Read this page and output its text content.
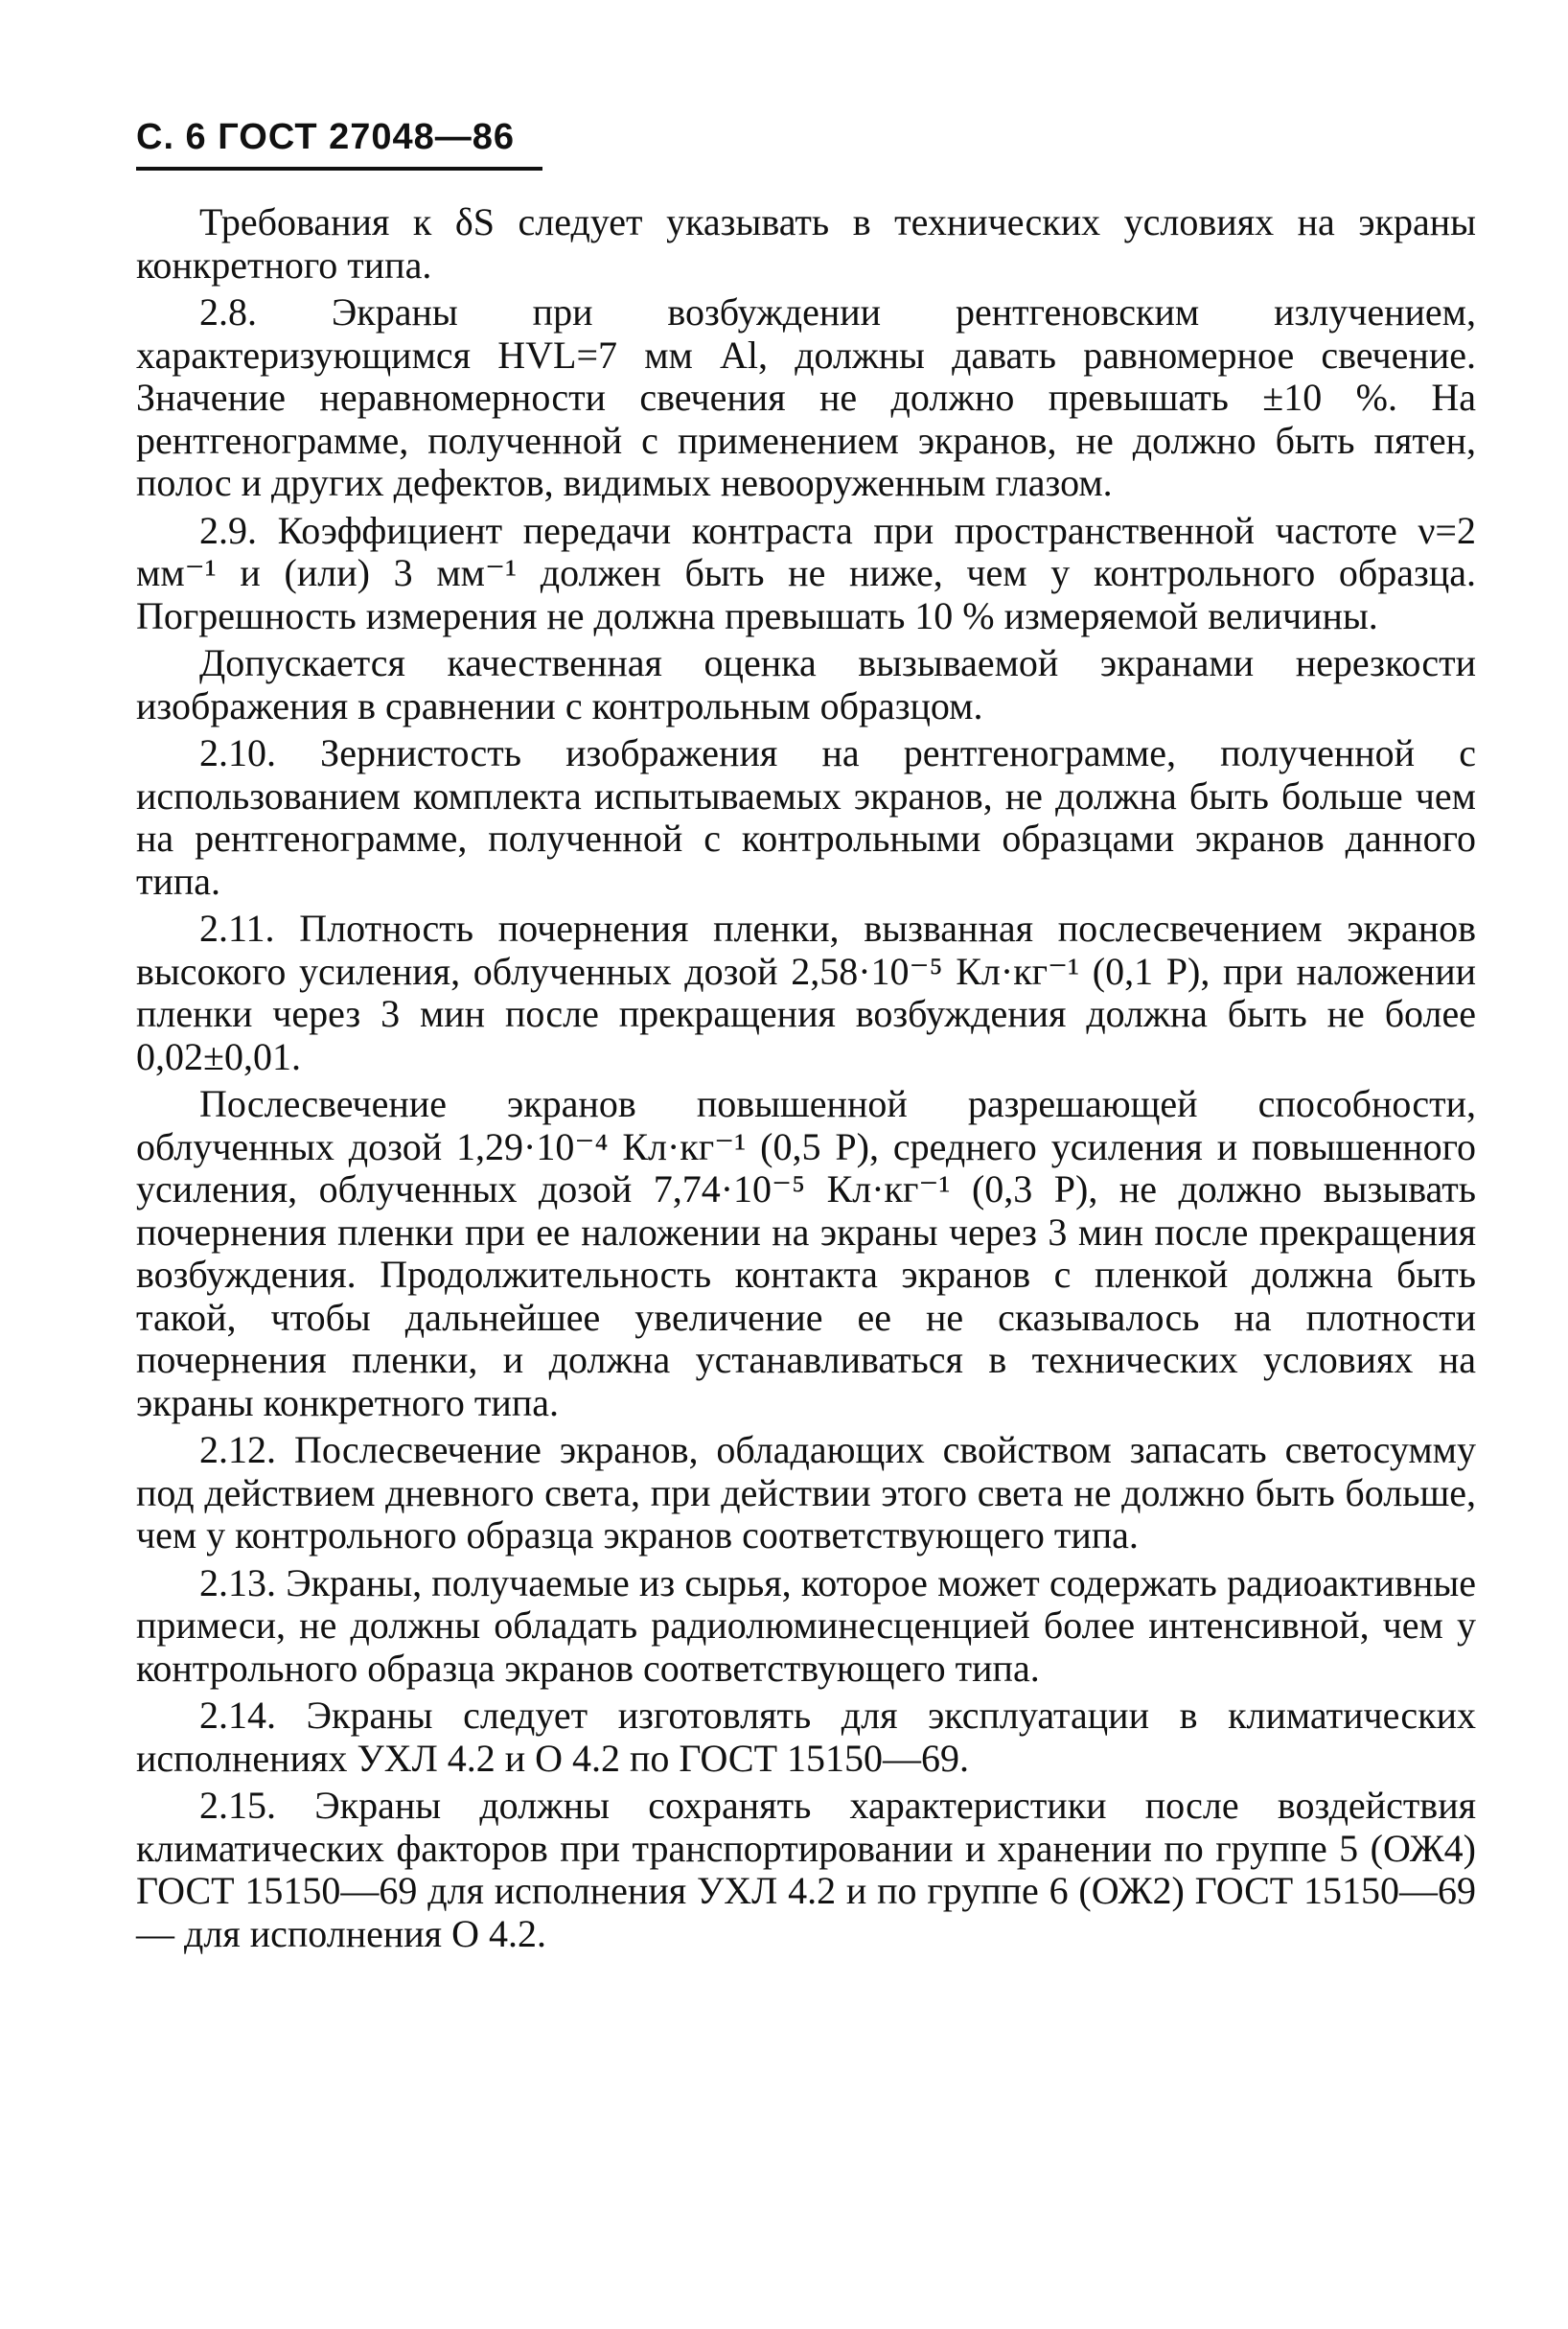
С. 6 ГОСТ 27048—86

Требования к δS следует указывать в технических условиях на экраны конкретного типа.

2.8. Экраны при возбуждении рентгеновским излучением, характеризующимся HVL=7 мм Al, должны давать равномерное свечение. Значение неравномерности свечения не должно превышать ±10 %. На рентгенограмме, полученной с применением экранов, не должно быть пятен, полос и других дефектов, видимых невооруженным глазом.

2.9. Коэффициент передачи контраста при пространственной частоте ν=2 мм⁻¹ и (или) 3 мм⁻¹ должен быть не ниже, чем у контрольного образца. Погрешность измерения не должна превышать 10 % измеряемой величины.

Допускается качественная оценка вызываемой экранами нерезкости изображения в сравнении с контрольным образцом.

2.10. Зернистость изображения на рентгенограмме, полученной с использованием комплекта испытываемых экранов, не должна быть больше чем на рентгенограмме, полученной с контрольными образцами экранов данного типа.

2.11. Плотность почернения пленки, вызванная послесвечением экранов высокого усиления, облученных дозой 2,58·10⁻⁵ Кл·кг⁻¹ (0,1 Р), при наложении пленки через 3 мин после прекращения возбуждения должна быть не более 0,02±0,01.

Послесвечение экранов повышенной разрешающей способности, облученных дозой 1,29·10⁻⁴ Кл·кг⁻¹ (0,5 Р), среднего усиления и повышенного усиления, облученных дозой 7,74·10⁻⁵ Кл·кг⁻¹ (0,3 Р), не должно вызывать почернения пленки при ее наложении на экраны через 3 мин после прекращения возбуждения. Продолжительность контакта экранов с пленкой должна быть такой, чтобы дальнейшее увеличение ее не сказывалось на плотности почернения пленки, и должна устанавливаться в технических условиях на экраны конкретного типа.

2.12. Послесвечение экранов, обладающих свойством запасать светосумму под действием дневного света, при действии этого света не должно быть больше, чем у контрольного образца экранов соответствующего типа.

2.13. Экраны, получаемые из сырья, которое может содержать радиоактивные примеси, не должны обладать радиолюминесценцией более интенсивной, чем у контрольного образца экранов соответствующего типа.

2.14. Экраны следует изготовлять для эксплуатации в климатических исполнениях УХЛ 4.2 и О 4.2 по ГОСТ 15150—69.

2.15. Экраны должны сохранять характеристики после воздействия климатических факторов при транспортировании и хранении по группе 5 (ОЖ4) ГОСТ 15150—69 для исполнения УХЛ 4.2 и по группе 6 (ОЖ2) ГОСТ 15150—69 — для исполнения О 4.2.
